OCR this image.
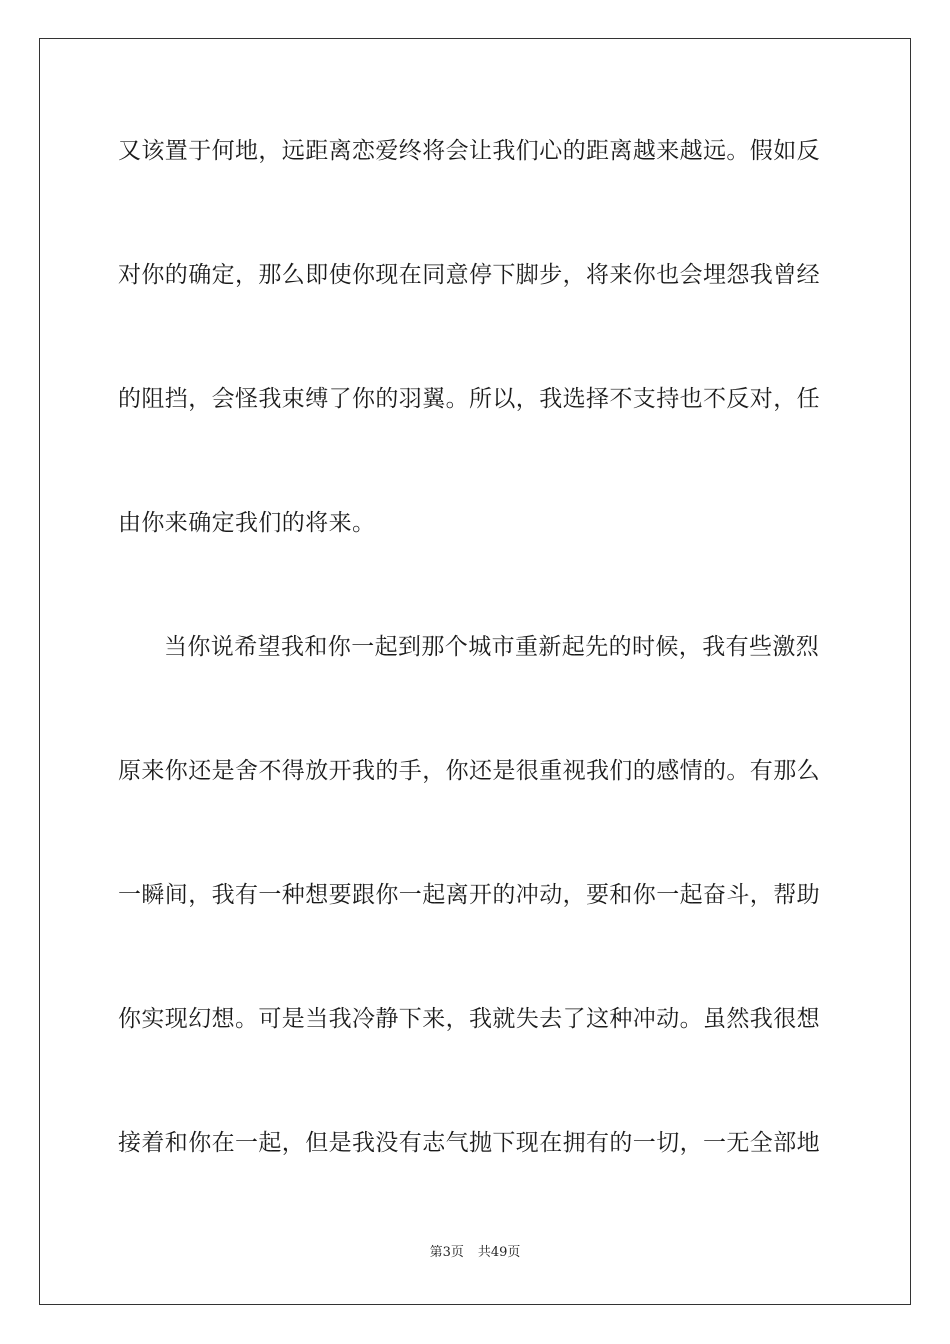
又该置于何地，远距离恋爱终将会让我们心的距离越来越远。假如反
对你的确定，那么即使你现在同意停下脚步，将来你也会埋怨我曾经
的阻挡，会怪我束缚了你的羽翼。所以，我选择不支持也不反对，任
由你来确定我们的将来。
当你说希望我和你一起到那个城市重新起先的时候，我有些激烈
原来你还是舍不得放开我的手，你还是很重视我们的感情的。有那么
一瞬间，我有一种想要跟你一起离开的冲动，要和你一起奋斗，帮助
你实现幻想。可是当我冷静下来，我就失去了这种冲动。虽然我很想
接着和你在一起，但是我没有志气抛下现在拥有的一切，一无全部地
第3页 共49页
